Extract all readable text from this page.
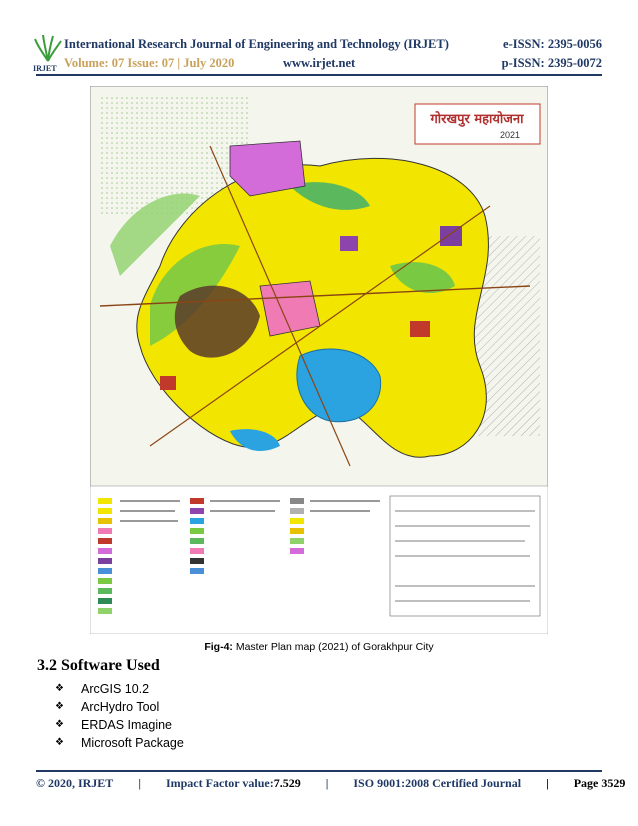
IRJET
International Research Journal of Engineering and Technology (IRJET)	e-ISSN: 2395-0056
Volume: 07 Issue: 07 | July 2020	www.irjet.net	p-ISSN: 2395-0072
गोरखपुर महायोजना
2021
Fig-4: Master Plan map (2021) of Gorakhpur City
3.2 Software Used
❖	ArcGIS 10.2
❖	ArcHydro Tool
❖	ERDAS Imagine
❖	Microsoft Package
© 2020, IRJET | Impact Factor value:7.529 | ISO 9001:2008 Certified Journal | Page 3529
